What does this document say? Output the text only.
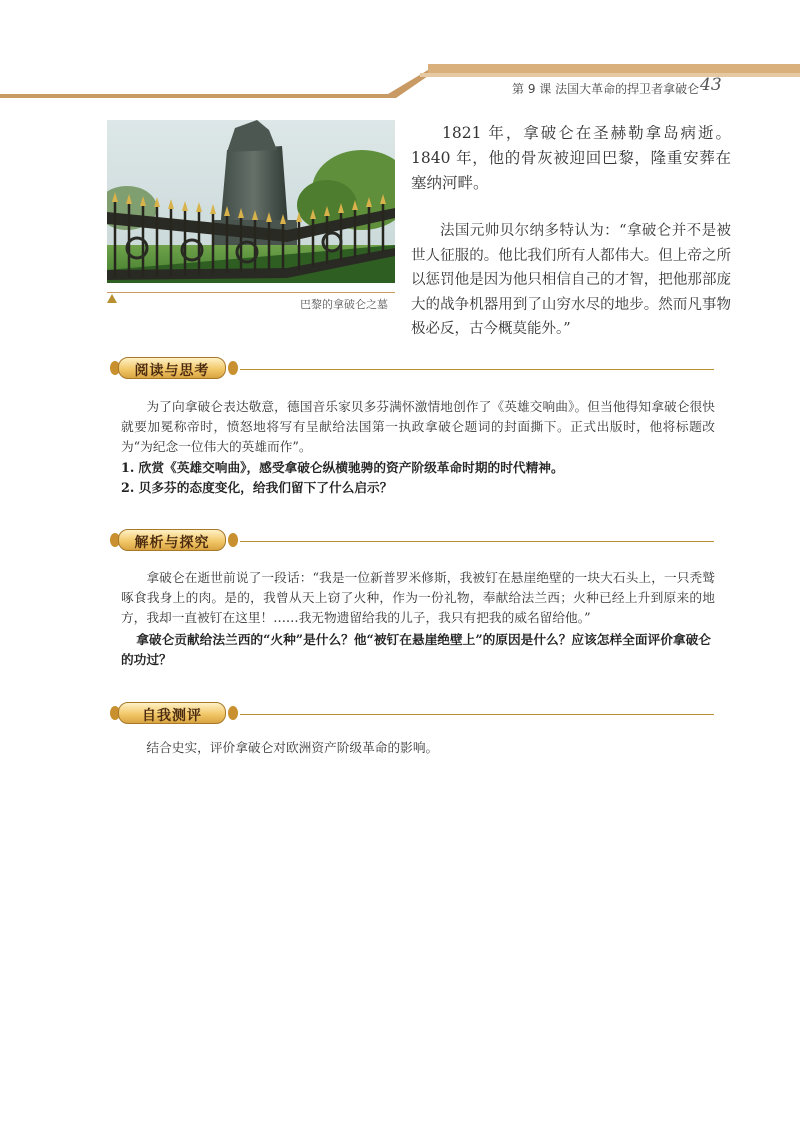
第 9 课 法国大革命的捍卫者拿破仑 43
巴黎的拿破仑之墓

1821 年，拿破仑在圣赫勒拿岛病逝。1840 年，他的骨灰被迎回巴黎，隆重安葬在塞纳河畔。

法国元帅贝尔纳多特认为：“拿破仑并不是被世人征服的。他比我们所有人都伟大。但上帝之所以惩罚他是因为他只相信自己的才智，把他那部庞大的战争机器用到了山穷水尽的地步。然而凡事物极必反，古今概莫能外。”

阅读与思考

为了向拿破仑表达敬意，德国音乐家贝多芬满怀激情地创作了《英雄交响曲》。但当他得知拿破仑很快就要加冕称帝时，愤怒地将写有呈献给法国第一执政拿破仑题词的封面撕下。正式出版时，他将标题改为“为纪念一位伟大的英雄而作”。

1. 欣赏《英雄交响曲》，感受拿破仑纵横驰骋的资产阶级革命时期的时代精神。

2. 贝多芬的态度变化，给我们留下了什么启示？

解析与探究

拿破仑在逝世前说了一段话：“我是一位新普罗米修斯，我被钉在悬崖绝壁的一块大石头上，一只秃鹫啄食我身上的肉。是的，我曾从天上窃了火种，作为一份礼物，奉献给法兰西；火种已经上升到原来的地方，我却一直被钉在这里！……我无物遗留给我的儿子，我只有把我的威名留给他。”

拿破仑贡献给法兰西的“火种”是什么？他“被钉在悬崖绝壁上”的原因是什么？应该怎样全面评价拿破仑的功过？

自我测评

结合史实，评价拿破仑对欧洲资产阶级革命的影响。
